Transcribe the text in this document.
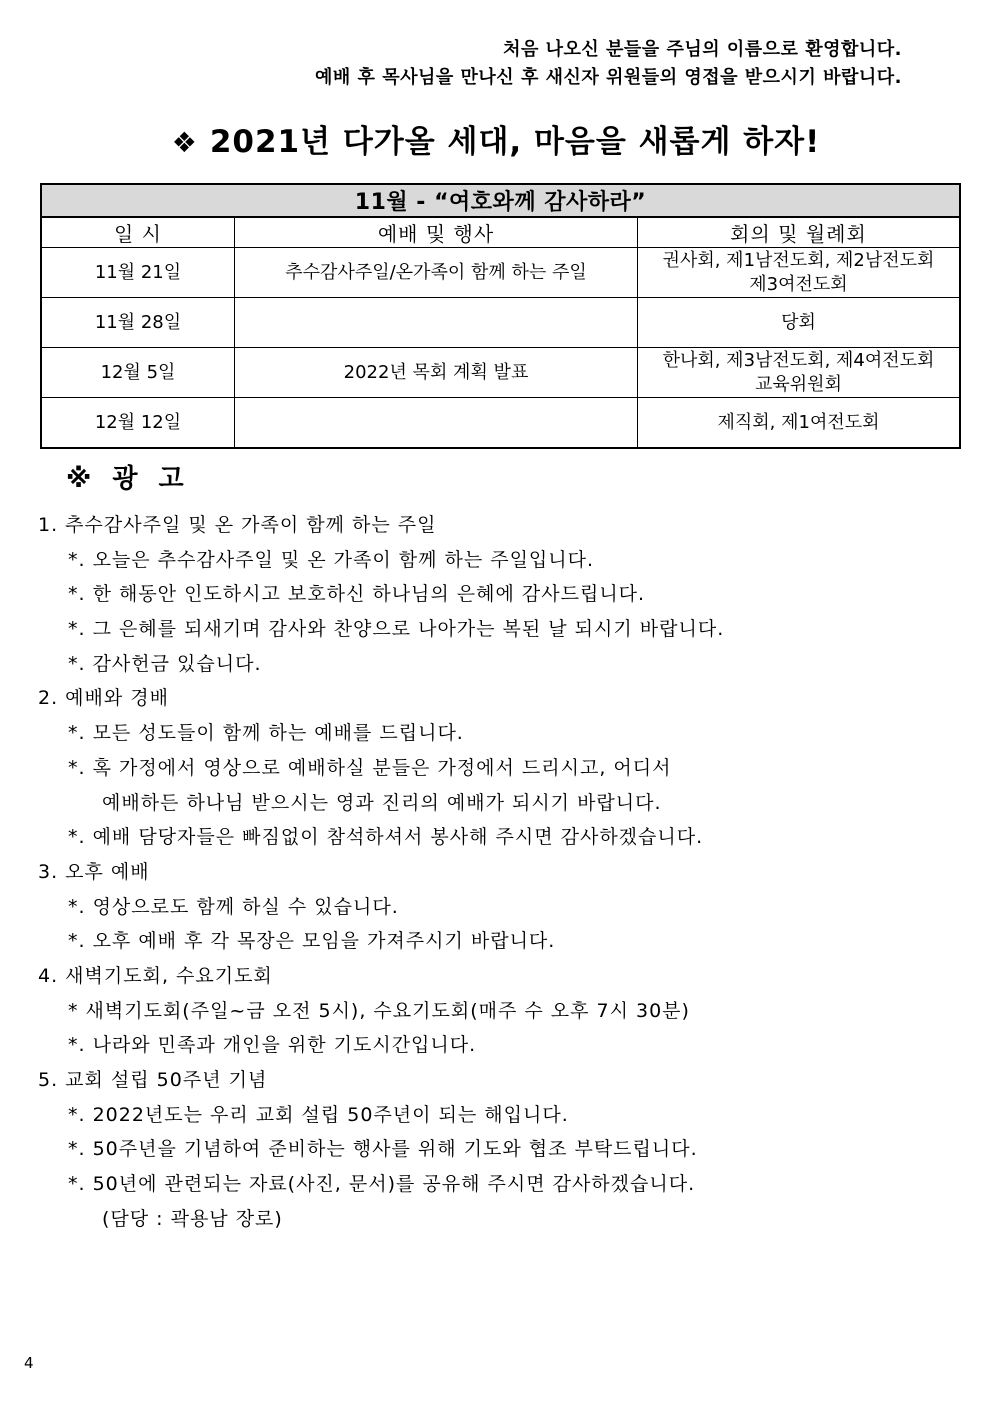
처음 나오신 분들을 주님의 이름으로 환영합니다.
예배 후 목사님을 만나신 후 새신자 위원들의 영접을 받으시기 바랍니다.
❖ 2021년 다가올 세대, 마음을 새롭게 하자!
11월 - “여호와께 감사하라”		
일 시	예배 및 행사	회의 및 월례회
11월 21일	추수감사주일/온가족이 함께 하는 주일	권사회, 제1남전도회, 제2남전도회
제3여전도회

11월 28일		당회

12월 5일	2022년 목회 계획 발표	한나회, 제3남전도회, 제4여전도회
교육위원회

12월 12일		제직회, 제1여전도회
※ 광 고
1. 추수감사주일 및 온 가족이 함께 하는 주일
*. 오늘은 추수감사주일 및 온 가족이 함께 하는 주일입니다.
*. 한 해동안 인도하시고 보호하신 하나님의 은혜에 감사드립니다.
*. 그 은혜를 되새기며 감사와 찬양으로 나아가는 복된 날 되시기 바랍니다.
*. 감사헌금 있습니다.
2. 예배와 경배
*. 모든 성도들이 함께 하는 예배를 드립니다.
*. 혹 가정에서 영상으로 예배하실 분들은 가정에서 드리시고, 어디서
예배하든 하나님 받으시는 영과 진리의 예배가 되시기 바랍니다.
*. 예배 담당자들은 빠짐없이 참석하셔서 봉사해 주시면 감사하겠습니다.
3. 오후 예배
*. 영상으로도 함께 하실 수 있습니다.
*. 오후 예배 후 각 목장은 모임을 가져주시기 바랍니다.
4. 새벽기도회, 수요기도회
* 새벽기도회(주일~금 오전 5시), 수요기도회(매주 수 오후 7시 30분)
*. 나라와 민족과 개인을 위한 기도시간입니다.
5. 교회 설립 50주년 기념
*. 2022년도는 우리 교회 설립 50주년이 되는 해입니다.
*. 50주년을 기념하여 준비하는 행사를 위해 기도와 협조 부탁드립니다.
*. 50년에 관련되는 자료(사진, 문서)를 공유해 주시면 감사하겠습니다.
(담당 : 곽용남 장로)
4
